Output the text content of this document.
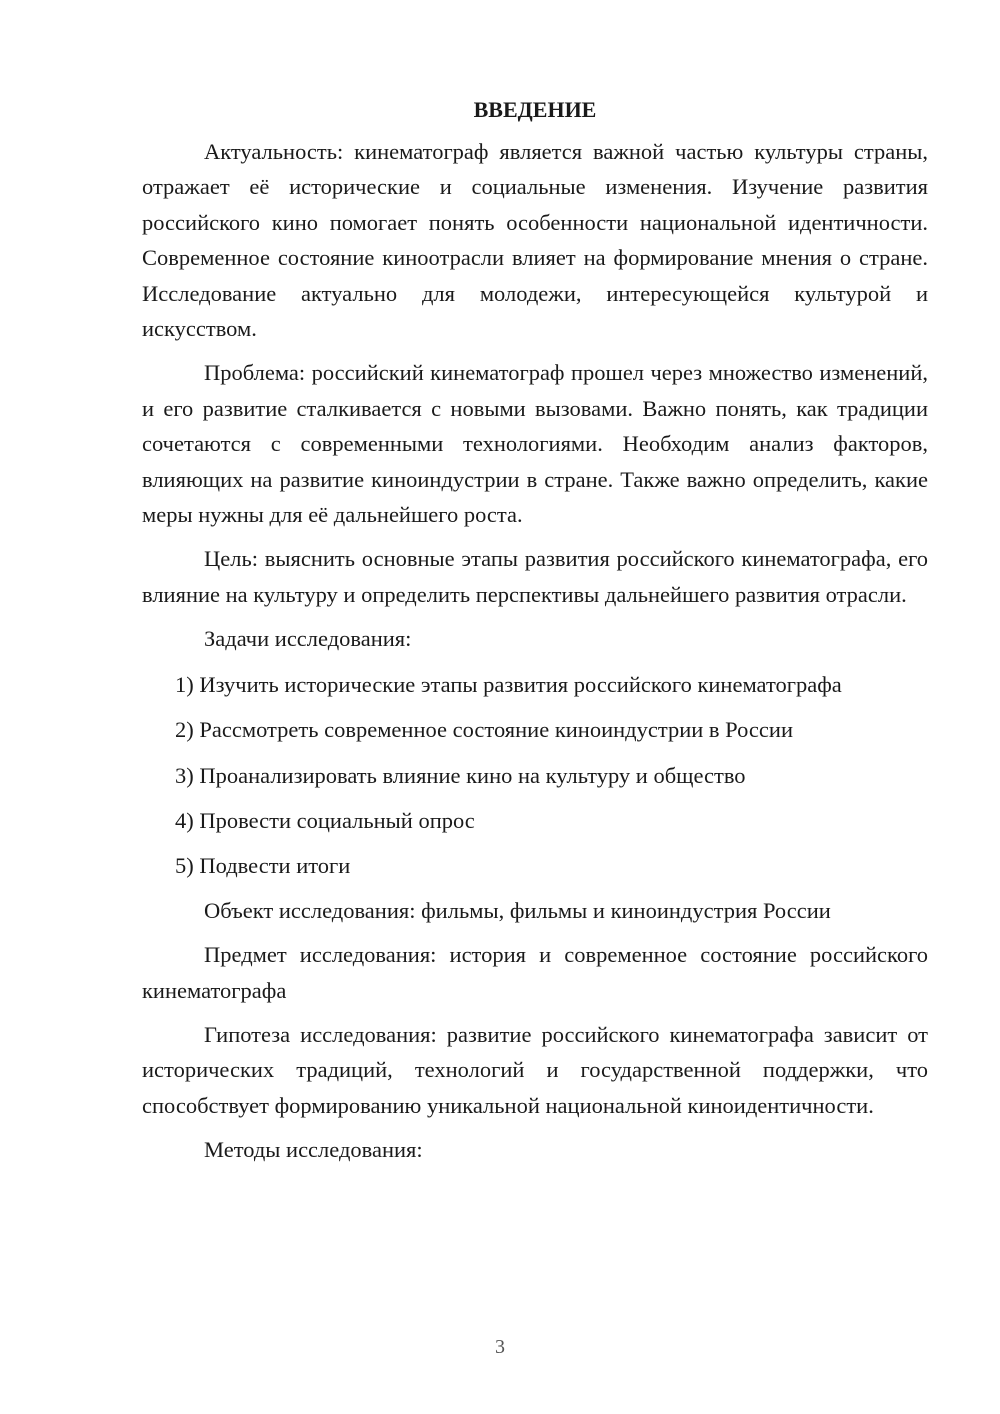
ВВЕДЕНИЕ

Актуальность: кинематограф является важной частью культуры страны, отражает её исторические и социальные изменения. Изучение развития российского кино помогает понять особенности национальной идентичности. Современное состояние киноотрасли влияет на формирование мнения о стране. Исследование актуально для молодежи, интересующейся культурой и искусством.

Проблема: российский кинематограф прошел через множество изменений, и его развитие сталкивается с новыми вызовами. Важно понять, как традиции сочетаются с современными технологиями. Необходим анализ факторов, влияющих на развитие киноиндустрии в стране. Также важно определить, какие меры нужны для её дальнейшего роста.

Цель: выяснить основные этапы развития российского кинематографа, его влияние на культуру и определить перспективы дальнейшего развития отрасли.

Задачи исследования:

1) Изучить исторические этапы развития российского кинематографа
2) Рассмотреть современное состояние киноиндустрии в России
3) Проанализировать влияние кино на культуру и общество
4) Провести социальный опрос
5) Подвести итоги

Объект исследования: фильмы, фильмы и киноиндустрия России

Предмет исследования: история и современное состояние российского кинематографа

Гипотеза исследования: развитие российского кинематографа зависит от исторических традиций, технологий и государственной поддержки, что способствует формированию уникальной национальной киноидентичности.

Методы исследования:

3
